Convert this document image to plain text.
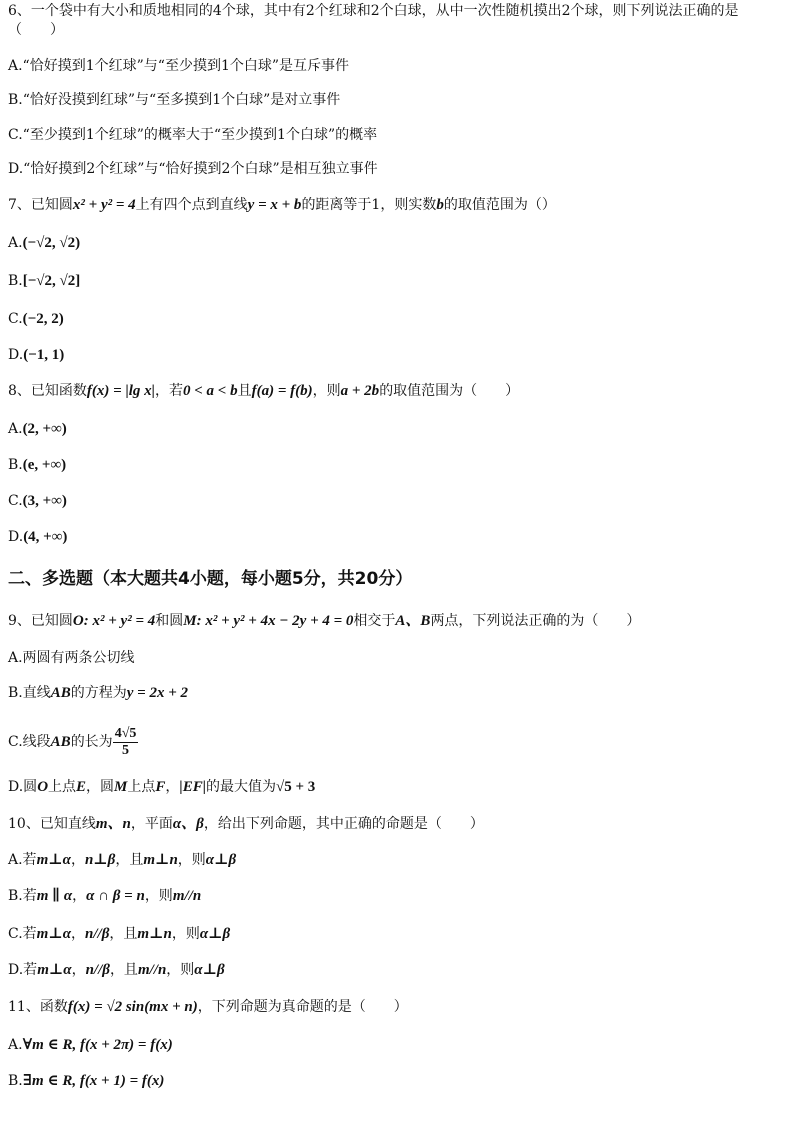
6、一个袋中有大小和质地相同的4个球，其中有2个红球和2个白球，从中一次性随机摸出2个球，则下列说法正确的是（　　）
A.“恰好摸到1个红球”与“至少摸到1个白球”是互斥事件
B.“恰好没摸到红球”与“至多摸到1个白球”是对立事件
C.“至少摸到1个红球”的概率大于“至少摸到1个白球”的概率
D.“恰好摸到2个红球”与“恰好摸到2个白球”是相互独立事件
7、已知圆x² + y² = 4上有四个点到直线y = x + b的距离等于1，则实数b的取值范围为（）
A.(−√2, √2)
B.[−√2, √2]
C.(−2, 2)
D.(−1, 1)
8、已知函数f(x) = |lg x|，若0 < a < b且f(a) = f(b)，则a + 2b的取值范围为（　　）
A.(2, +∞)
B.(e, +∞)
C.(3, +∞)
D.(4, +∞)
二、多选题（本大题共4小题，每小题5分，共20分）
9、已知圆O: x² + y² = 4和圆M: x² + y² + 4x − 2y + 4 = 0相交于A、B两点，下列说法正确的为（　　）
A.两圆有两条公切线
B.直线AB的方程为y = 2x + 2
C.线段AB的长为 $\frac{4√5}{5}$
D.圆O上点E，圆M上点F，|EF|的最大值为√5 + 3
10、已知直线m、n，平面α、β，给出下列命题，其中正确的命题是（　　）
A.若m⊥α，n⊥β，且m⊥n，则α⊥β
B.若m ∥ α，α ∩ β = n，则m//n
C.若m⊥α，n//β，且m⊥n，则α⊥β
D.若m⊥α，n//β，且m//n，则α⊥β
11、函数f(x) = √2 sin(mx + n)，下列命题为真命题的是（　　）
A.∀m ∈ R, f(x + 2π) = f(x)
B.∃m ∈ R, f(x + 1) = f(x)
